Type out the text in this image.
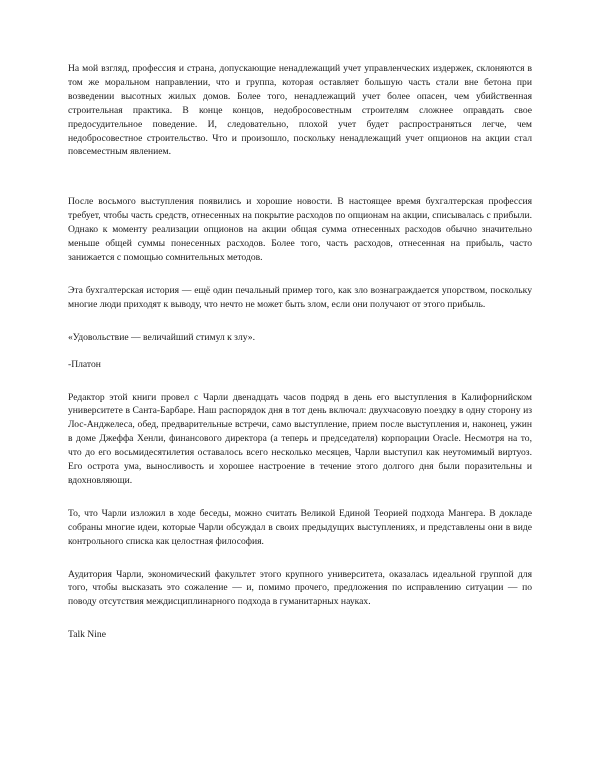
На мой взгляд, профессия и страна, допускающие ненадлежащий учет управленческих издержек, склоняются в том же моральном направлении, что и группа, которая оставляет большую часть стали вне бетона при возведении высотных жилых домов. Более того, ненадлежащий учет более опасен, чем убийственная строительная практика. В конце концов, недобросовестным строителям сложнее оправдать свое предосудительное поведение. И, следовательно, плохой учет будет распространяться легче, чем недобросовестное строительство. Что и произошло, поскольку ненадлежащий учет опционов на акции стал повсеместным явлением.

После восьмого выступления появились и хорошие новости. В настоящее время бухгалтерская профессия требует, чтобы часть средств, отнесенных на покрытие расходов по опционам на акции, списывалась с прибыли. Однако к моменту реализации опционов на акции общая сумма отнесенных расходов обычно значительно меньше общей суммы понесенных расходов. Более того, часть расходов, отнесенная на прибыль, часто занижается с помощью сомнительных методов.

Эта бухгалтерская история — ещё один печальный пример того, как зло вознаграждается упорством, поскольку многие люди приходят к выводу, что нечто не может быть злом, если они получают от этого прибыль.

«Удовольствие — величайший стимул к злу».

-Платон

Редактор этой книги провел с Чарли двенадцать часов подряд в день его выступления в Калифорнийском университете в Санта-Барбаре. Наш распорядок дня в тот день включал: двухчасовую поездку в одну сторону из Лос-Анджелеса, обед, предварительные встречи, само выступление, прием после выступления и, наконец, ужин в доме Джеффа Хенли, финансового директора (а теперь и председателя) корпорации Oracle. Несмотря на то, что до его восьмидесятилетия оставалось всего несколько месяцев, Чарли выступил как неутомимый виртуоз. Его острота ума, выносливость и хорошее настроение в течение этого долгого дня были поразительны и вдохновляющи.

То, что Чарли изложил в ходе беседы, можно считать Великой Единой Теорией подхода Мангера. В докладе собраны многие идеи, которые Чарли обсуждал в своих предыдущих выступлениях, и представлены они в виде контрольного списка как целостная философия.

Аудитория Чарли, экономический факультет этого крупного университета, оказалась идеальной группой для того, чтобы высказать это сожаление — и, помимо прочего, предложения по исправлению ситуации — по поводу отсутствия междисциплинарного подхода в гуманитарных науках.

Talk Nine
